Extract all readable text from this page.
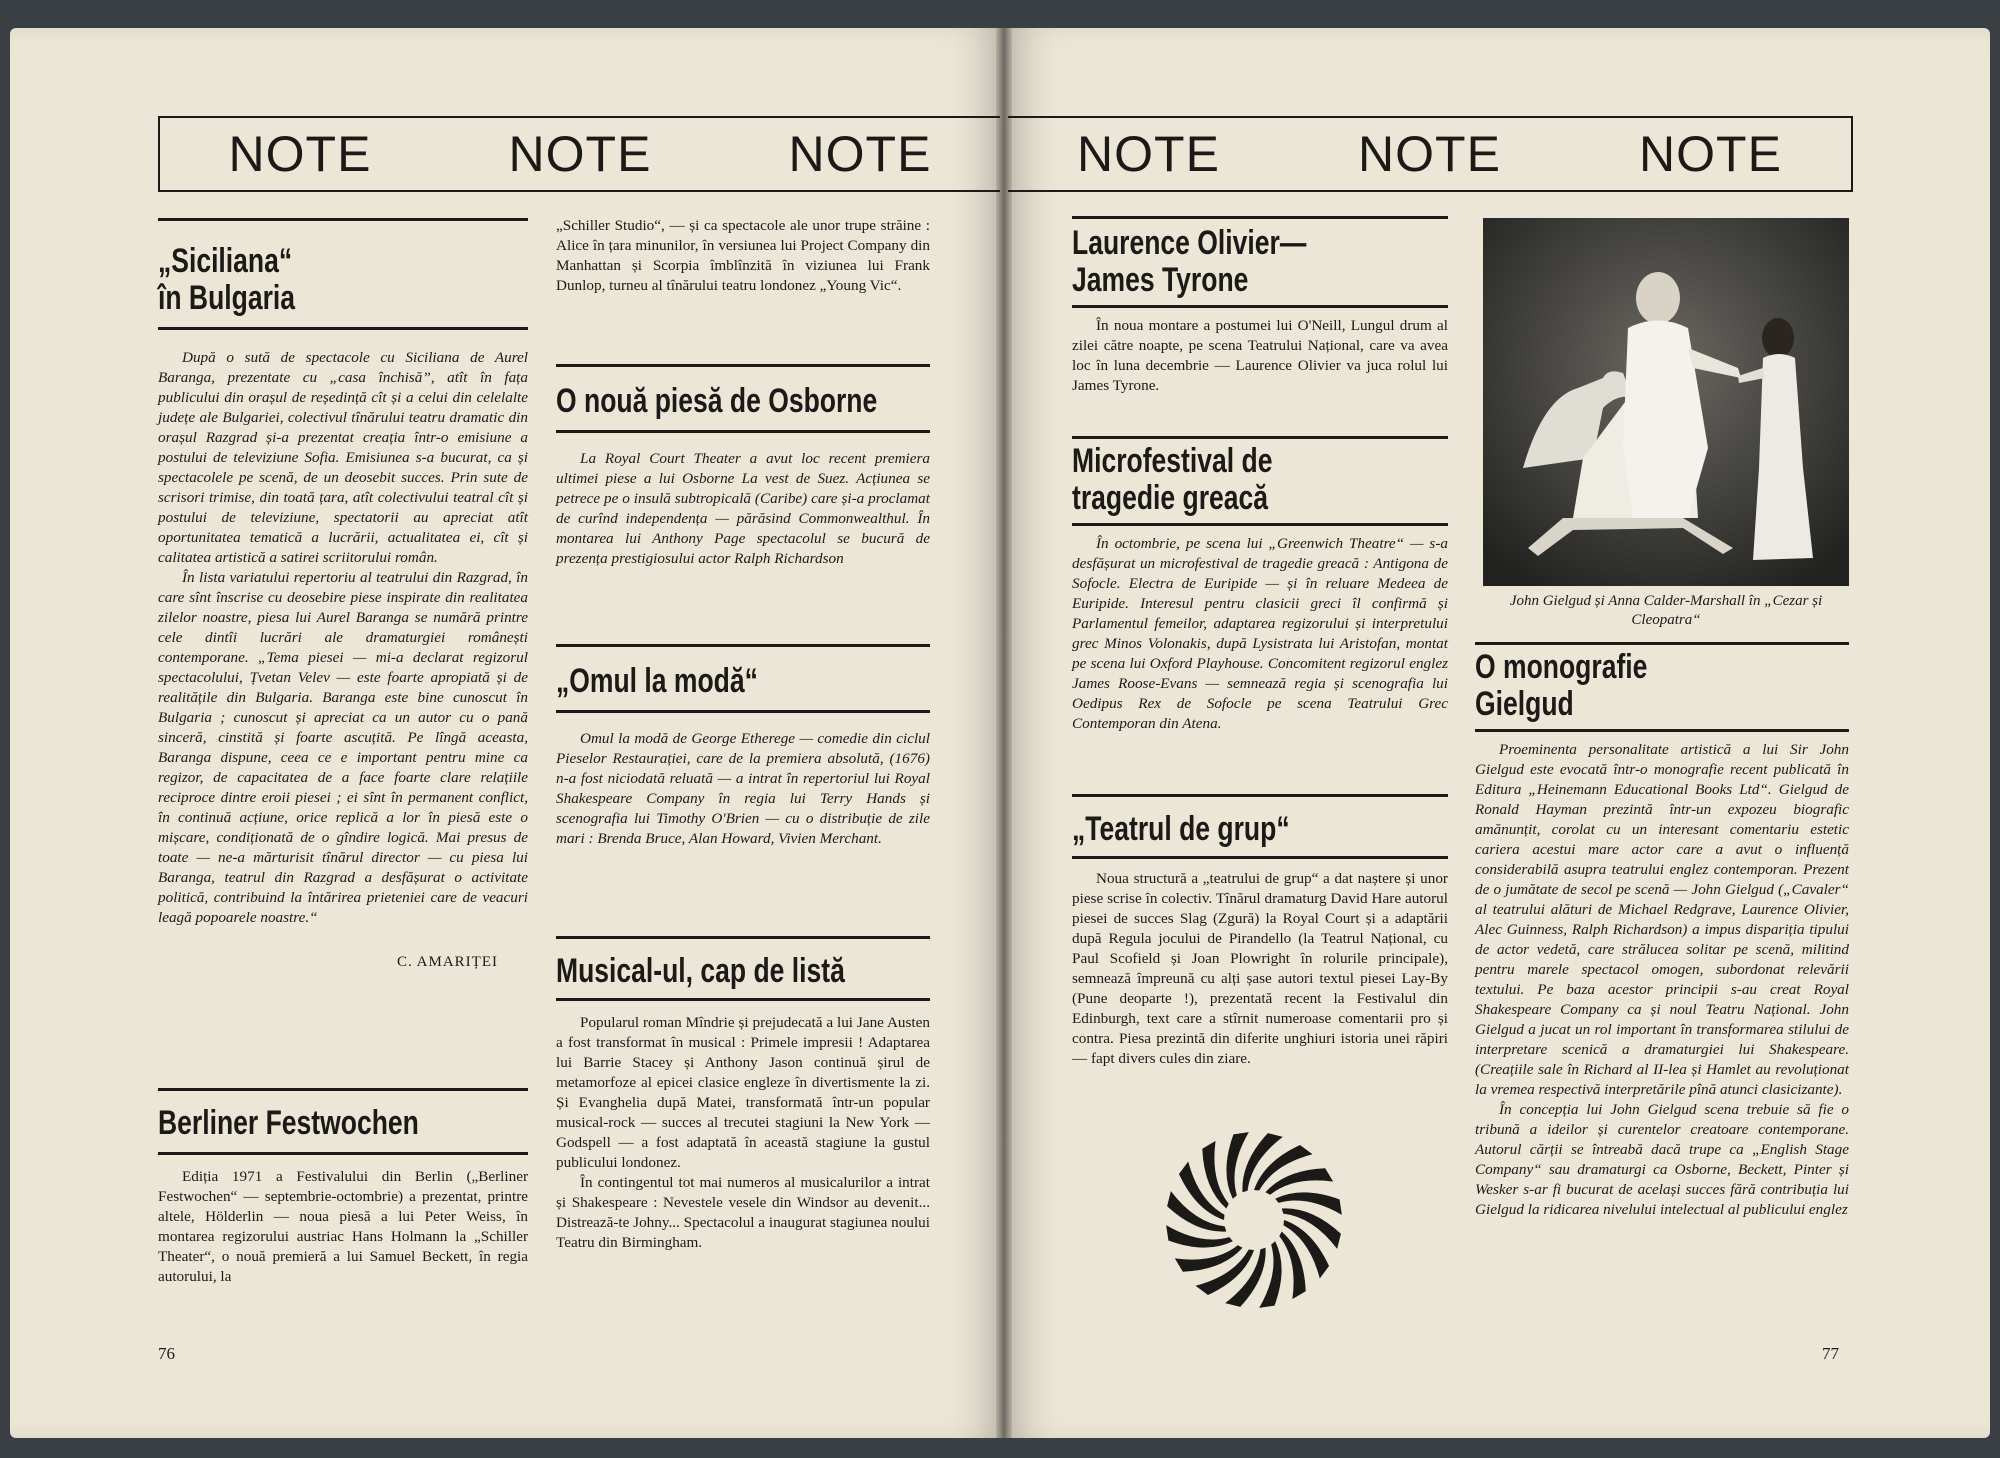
NOTE	NOTE	NOTE	NOTE	NOTE	NOTE
„Siciliana“
în Bulgaria

După o sută de spectacole cu Siciliana de Aurel Baranga, prezentate cu „casa închisă”, atît în fața publicului din orașul de reședință cît și a celui din celelalte județe ale Bulgariei, colectivul tînărului teatru dramatic din orașul Razgrad și-a prezentat creația într-o emisiune a postului de televiziune Sofia. Emisiunea s-a bucurat, ca și spectacolele pe scenă, de un deosebit succes. Prin sute de scrisori trimise, din toată țara, atît colectivului teatral cît și postului de televiziune, spectatorii au apreciat atît oportunitatea tematică a lucrării, actualitatea ei, cît și calitatea artistică a satirei scriitorului român.

În lista variatului repertoriu al teatrului din Razgrad, în care sînt înscrise cu deosebire piese inspirate din realitatea zilelor noastre, piesa lui Aurel Baranga se numără printre cele dintîi lucrări ale dramaturgiei românești contemporane. „Tema piesei — mi-a declarat regizorul spectacolului, Țvetan Velev — este foarte apropiată și de realitățile din Bulgaria. Baranga este bine cunoscut în Bulgaria ; cunoscut și apreciat ca un autor cu o pană sinceră, cinstită și foarte ascuțită. Pe lîngă aceasta, Baranga dispune, ceea ce e important pentru mine ca regizor, de capacitatea de a face foarte clare relațiile reciproce dintre eroii piesei ; ei sînt în permanent conflict, în continuă acțiune, orice replică a lor în piesă este o mișcare, condiționată de o gîndire logică. Mai presus de toate — ne-a mărturisit tînărul director — cu piesa lui Baranga, teatrul din Razgrad a desfășurat o activitate politică, contribuind la întărirea prieteniei care de veacuri leagă popoarele noastre.“

C. AMARIȚEI
Berliner Festwochen

Ediția 1971 a Festivalului din Berlin („Berliner Festwochen“ — septembrie-octombrie) a prezentat, printre altele, Hölderlin — noua piesă a lui Peter Weiss, în montarea regizorului austriac Hans Holmann la „Schiller Theater“, o nouă premieră a lui Samuel Beckett, în regia autorului, la

„Schiller Studio“, — și ca spectacole ale unor trupe străine : Alice în țara minunilor, în versiunea lui Project Company din Manhattan și Scorpia îmblînzită în viziunea lui Frank Dunlop, turneu al tînărului teatru londonez „Young Vic“.

O nouă piesă de Osborne

La Royal Court Theater a avut loc recent premiera ultimei piese a lui Osborne La vest de Suez. Acțiunea se petrece pe o insulă subtropicală (Caribe) care și-a proclamat de curînd independența — părăsind Commonwealthul. În montarea lui Anthony Page spectacolul se bucură de prezența prestigiosului actor Ralph Richardson

„Omul la modă“

Omul la modă de George Etherege — comedie din ciclul Pieselor Restaurației, care de la premiera absolută, (1676) n-a fost niciodată reluată — a intrat în repertoriul lui Royal Shakespeare Company în regia lui Terry Hands și scenografia lui Timothy O'Brien — cu o distribuție de zile mari : Brenda Bruce, Alan Howard, Vivien Merchant.

Musical-ul, cap de listă

Popularul roman Mîndrie și prejudecată a lui Jane Austen a fost transformat în musical : Primele impresii ! Adaptarea lui Barrie Stacey și Anthony Jason continuă șirul de metamorfoze al epicei clasice engleze în divertismente la zi. Și Evanghelia după Matei, transformată într-un popular musical-rock — succes al trecutei stagiuni la New York — Godspell — a fost adaptată în această stagiune la gustul publicului londonez.

În contingentul tot mai numeros al musicalurilor a intrat și Shakespeare : Nevestele vesele din Windsor au devenit... Distrează-te Johny... Spectacolul a inaugurat stagiunea noului Teatru din Birmingham.

Laurence Olivier—
James Tyrone

În noua montare a postumei lui O'Neill, Lungul drum al zilei către noapte, pe scena Teatrului Național, care va avea loc în luna decembrie — Laurence Olivier va juca rolul lui James Tyrone.

Microfestival de
tragedie greacă

În octombrie, pe scena lui „Greenwich Theatre“ — s-a desfășurat un microfestival de tragedie greacă : Antigona de Sofocle. Electra de Euripide — și în reluare Medeea de Euripide. Interesul pentru clasicii greci îl confirmă și Parlamentul femeilor, adaptarea regizorului și interpretului grec Minos Volonakis, după Lysistrata lui Aristofan, montat pe scena lui Oxford Playhouse. Concomitent regizorul englez James Roose-Evans — semnează regia și scenografia lui Oedipus Rex de Sofocle pe scena Teatrului Grec Contemporan din Atena.

„Teatrul de grup“

Noua structură a „teatrului de grup“ a dat naștere și unor piese scrise în colectiv. Tînărul dramaturg David Hare autorul piesei de succes Slag (Zgură) la Royal Court și a adaptării după Regula jocului de Pirandello (la Teatrul Național, cu Paul Scofield și Joan Plowright în rolurile principale), semnează împreună cu alți șase autori textul piesei Lay-By (Pune deoparte !), prezentată recent la Festivalul din Edinburgh, text care a stîrnit numeroase comentarii pro și contra. Piesa prezintă din diferite unghiuri istoria unei răpiri — fapt divers cules din ziare.

John Gielgud și Anna Calder-Marshall în „Cezar și Cleopatra“
O monografie
Gielgud

Proeminenta personalitate artistică a lui Sir John Gielgud este evocată într-o monografie recent publicată în Editura „Heinemann Educational Books Ltd“. Gielgud de Ronald Hayman prezintă într-un expozeu biografic amănunțit, corolat cu un interesant comentariu estetic cariera acestui mare actor care a avut o influență considerabilă asupra teatrului englez contemporan. Prezent de o jumătate de secol pe scenă — John Gielgud („Cavaler“ al teatrului alături de Michael Redgrave, Laurence Olivier, Alec Guinness, Ralph Richardson) a impus dispariția tipului de actor vedetă, care strălucea solitar pe scenă, militind pentru marele spectacol omogen, subordonat relevării textului. Pe baza acestor principii s-au creat Royal Shakespeare Company ca și noul Teatru Național. John Gielgud a jucat un rol important în transformarea stilului de interpretare scenică a dramaturgiei lui Shakespeare. (Creațiile sale în Richard al II-lea și Hamlet au revoluționat la vremea respectivă interpretările pînă atunci clasicizante).

În concepția lui John Gielgud scena trebuie să fie o tribună a ideilor și curentelor creatoare contemporane. Autorul cărții se întreabă dacă trupe ca „English Stage Company“ sau dramaturgi ca Osborne, Beckett, Pinter și Wesker s-ar fi bucurat de același succes fără contribuția lui Gielgud la ridicarea nivelului intelectual al publicului englez

76	77
